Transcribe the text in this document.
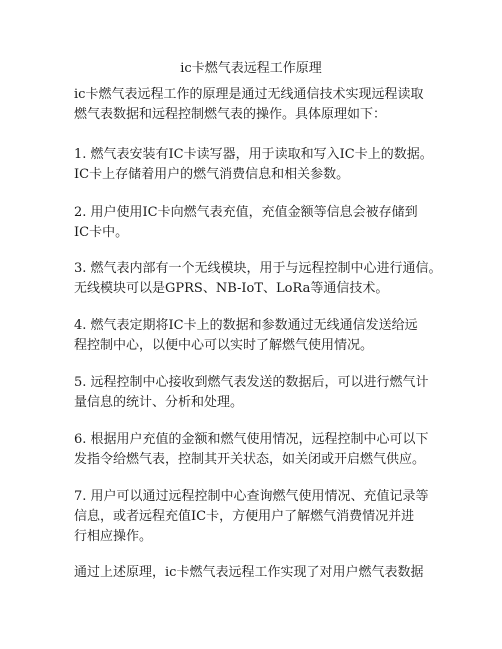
ic卡燃气表远程工作原理
ic卡燃气表远程工作的原理是通过无线通信技术实现远程读取
燃气表数据和远程控制燃气表的操作。具体原理如下：
1. 燃气表安装有IC卡读写器，用于读取和写入IC卡上的数据。
IC卡上存储着用户的燃气消费信息和相关参数。
2. 用户使用IC卡向燃气表充值，充值金额等信息会被存储到
IC卡中。
3. 燃气表内部有一个无线模块，用于与远程控制中心进行通信。
无线模块可以是GPRS、NB-IoT、LoRa等通信技术。
4. 燃气表定期将IC卡上的数据和参数通过无线通信发送给远
程控制中心，以便中心可以实时了解燃气使用情况。
5. 远程控制中心接收到燃气表发送的数据后，可以进行燃气计
量信息的统计、分析和处理。
6. 根据用户充值的金额和燃气使用情况，远程控制中心可以下
发指令给燃气表，控制其开关状态，如关闭或开启燃气供应。
7. 用户可以通过远程控制中心查询燃气使用情况、充值记录等
信息，或者远程充值IC卡，方便用户了解燃气消费情况并进
行相应操作。
通过上述原理，ic卡燃气表远程工作实现了对用户燃气表数据
